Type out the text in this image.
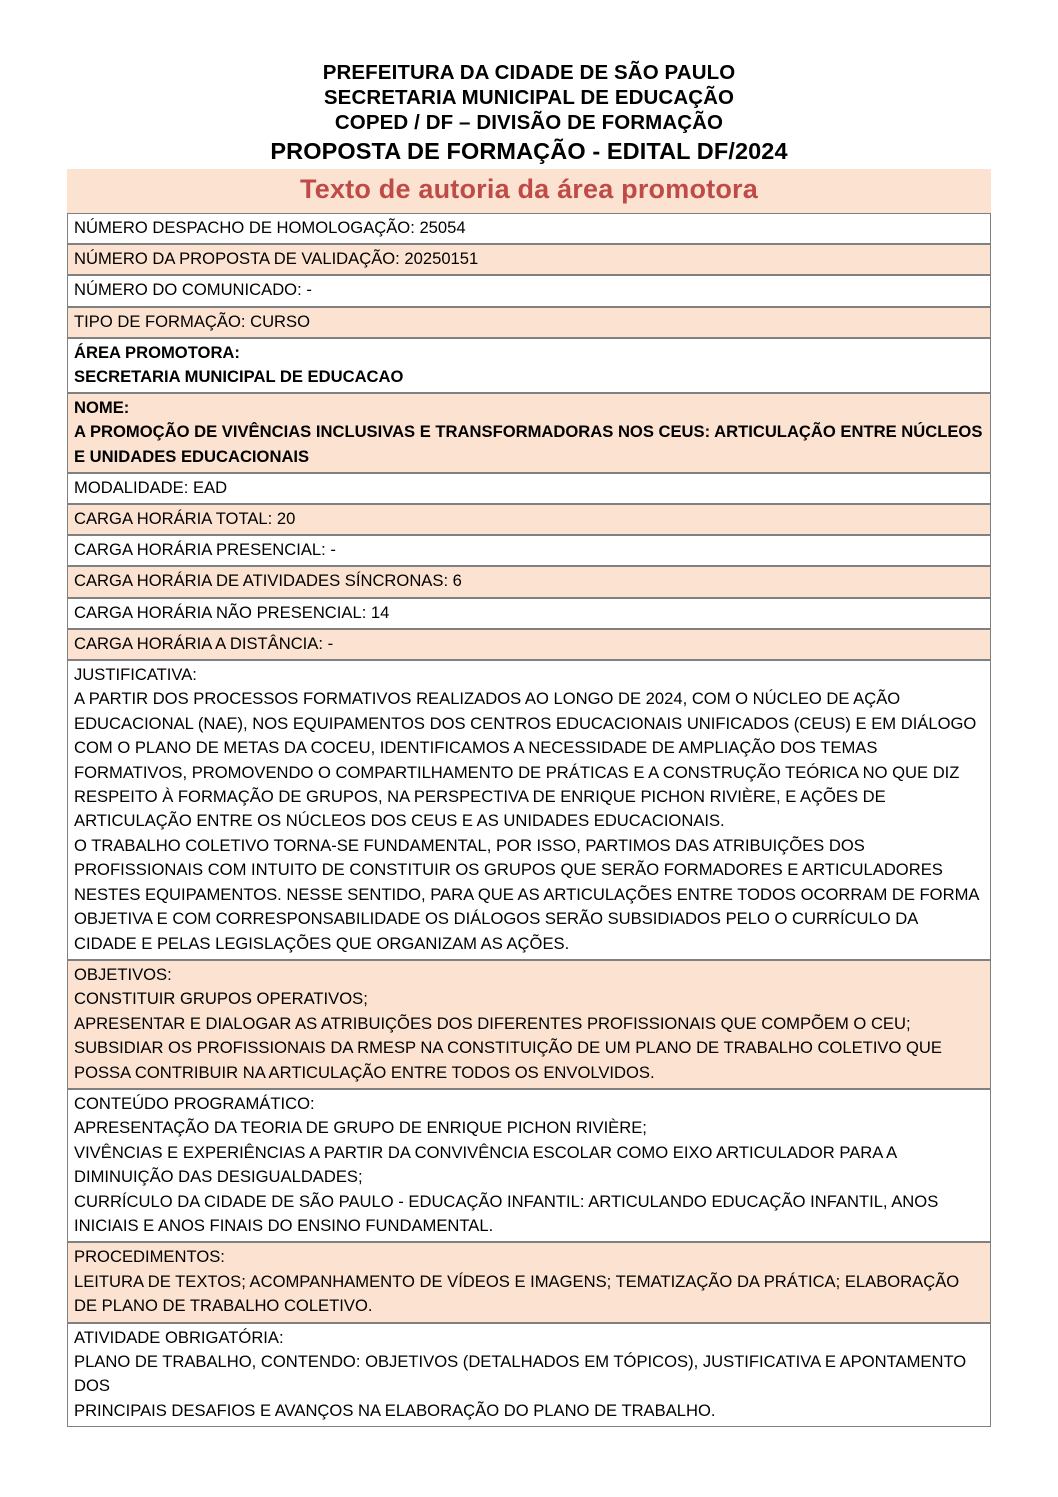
PREFEITURA DA CIDADE DE SÃO PAULO
SECRETARIA MUNICIPAL DE EDUCAÇÃO
COPED / DF – DIVISÃO DE FORMAÇÃO
PROPOSTA DE FORMAÇÃO - EDITAL DF/2024
Texto de autoria da área promotora
NÚMERO DESPACHO DE HOMOLOGAÇÃO: 25054
NÚMERO DA PROPOSTA DE VALIDAÇÃO: 20250151
NÚMERO DO COMUNICADO: -
TIPO DE FORMAÇÃO: CURSO

ÁREA PROMOTORA:
SECRETARIA MUNICIPAL DE EDUCACAO

NOME:
A PROMOÇÃO DE VIVÊNCIAS INCLUSIVAS E TRANSFORMADORAS NOS CEUS: ARTICULAÇÃO ENTRE NÚCLEOS E UNIDADES EDUCACIONAIS

MODALIDADE: EAD
CARGA HORÁRIA TOTAL: 20
CARGA HORÁRIA PRESENCIAL: -
CARGA HORÁRIA DE ATIVIDADES SÍNCRONAS: 6
CARGA HORÁRIA NÃO PRESENCIAL: 14
CARGA HORÁRIA A DISTÂNCIA: -

JUSTIFICATIVA:
A PARTIR DOS PROCESSOS FORMATIVOS REALIZADOS AO LONGO DE 2024, COM O NÚCLEO DE AÇÃO EDUCACIONAL (NAE), NOS EQUIPAMENTOS DOS CENTROS EDUCACIONAIS UNIFICADOS (CEUS) E EM DIÁLOGO COM O PLANO DE METAS DA COCEU, IDENTIFICAMOS A NECESSIDADE DE AMPLIAÇÃO DOS TEMAS FORMATIVOS, PROMOVENDO O COMPARTILHAMENTO DE PRÁTICAS E A CONSTRUÇÃO TEÓRICA NO QUE DIZ RESPEITO À FORMAÇÃO DE GRUPOS, NA PERSPECTIVA DE ENRIQUE PICHON RIVIÈRE, E AÇÕES DE ARTICULAÇÃO ENTRE OS NÚCLEOS DOS CEUS E AS UNIDADES EDUCACIONAIS.
O TRABALHO COLETIVO TORNA-SE FUNDAMENTAL, POR ISSO, PARTIMOS DAS ATRIBUIÇÕES DOS PROFISSIONAIS COM INTUITO DE CONSTITUIR OS GRUPOS QUE SERÃO FORMADORES E ARTICULADORES NESTES EQUIPAMENTOS. NESSE SENTIDO, PARA QUE AS ARTICULAÇÕES ENTRE TODOS OCORRAM DE FORMA OBJETIVA E COM CORRESPONSABILIDADE OS DIÁLOGOS SERÃO SUBSIDIADOS PELO O CURRÍCULO DA CIDADE E PELAS LEGISLAÇÕES QUE ORGANIZAM AS AÇÕES.

OBJETIVOS:
CONSTITUIR GRUPOS OPERATIVOS;
APRESENTAR E DIALOGAR AS ATRIBUIÇÕES DOS DIFERENTES PROFISSIONAIS QUE COMPÕEM O CEU;
SUBSIDIAR OS PROFISSIONAIS DA RMESP NA CONSTITUIÇÃO DE UM PLANO DE TRABALHO COLETIVO QUE POSSA CONTRIBUIR NA ARTICULAÇÃO ENTRE TODOS OS ENVOLVIDOS.

CONTEÚDO PROGRAMÁTICO:
APRESENTAÇÃO DA TEORIA DE GRUPO DE ENRIQUE PICHON RIVIÈRE;
VIVÊNCIAS E EXPERIÊNCIAS A PARTIR DA CONVIVÊNCIA ESCOLAR COMO EIXO ARTICULADOR PARA A DIMINUIÇÃO DAS DESIGUALDADES;
CURRÍCULO DA CIDADE DE SÃO PAULO - EDUCAÇÃO INFANTIL: ARTICULANDO EDUCAÇÃO INFANTIL, ANOS INICIAIS E ANOS FINAIS DO ENSINO FUNDAMENTAL.

PROCEDIMENTOS:
LEITURA DE TEXTOS; ACOMPANHAMENTO DE VÍDEOS E IMAGENS; TEMATIZAÇÃO DA PRÁTICA; ELABORAÇÃO DE PLANO DE TRABALHO COLETIVO.

ATIVIDADE OBRIGATÓRIA:
PLANO DE TRABALHO, CONTENDO: OBJETIVOS (DETALHADOS EM TÓPICOS), JUSTIFICATIVA E APONTAMENTO DOS
PRINCIPAIS DESAFIOS E AVANÇOS NA ELABORAÇÃO DO PLANO DE TRABALHO.
